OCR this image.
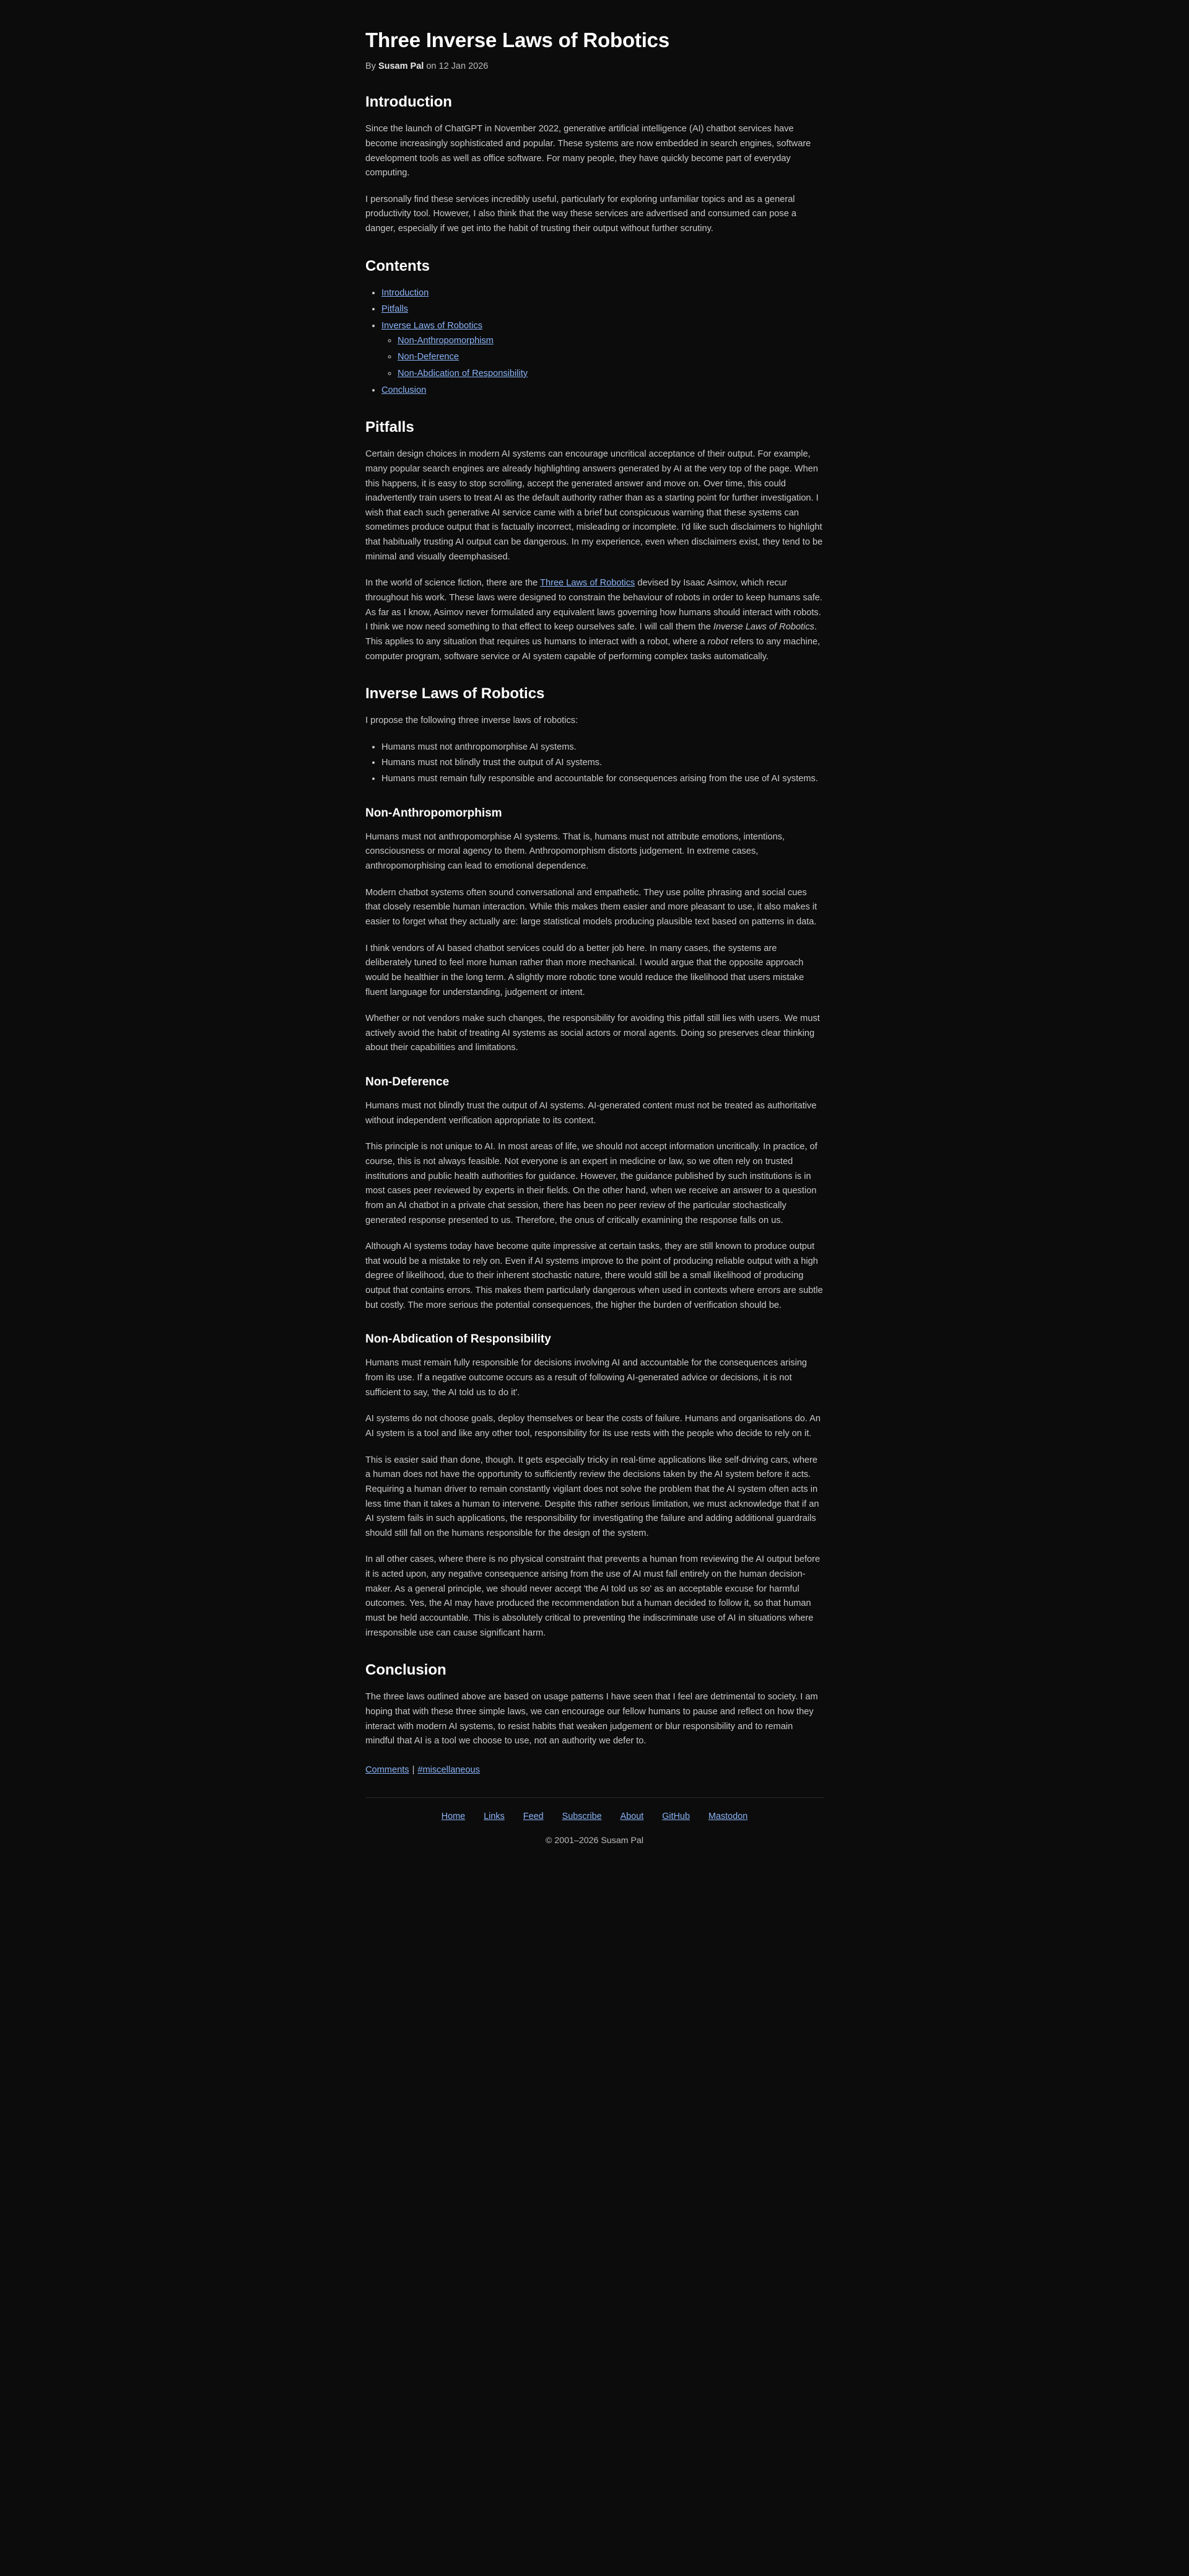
Three Inverse Laws of Robotics
By Susam Pal on 12 Jan 2026
Introduction

Since the launch of ChatGPT in November 2022, generative artificial intelligence (AI) chatbot services have become increasingly sophisticated and popular. These systems are now embedded in search engines, software development tools as well as office software. For many people, they have quickly become part of everyday computing.

I personally find these services incredibly useful, particularly for exploring unfamiliar topics and as a general productivity tool. However, I also think that the way these services are advertised and consumed can pose a danger, especially if we get into the habit of trusting their output without further scrutiny.

Contents
• Introduction
• Pitfalls
• Inverse Laws of Robotics
◦ Non-Anthropomorphism
◦ Non-Deference
◦ Non-Abdication of Responsibility
• Conclusion
Pitfalls

Certain design choices in modern AI systems can encourage uncritical acceptance of their output. For example, many popular search engines are already highlighting answers generated by AI at the very top of the page. When this happens, it is easy to stop scrolling, accept the generated answer and move on. Over time, this could inadvertently train users to treat AI as the default authority rather than as a starting point for further investigation. I wish that each such generative AI service came with a brief but conspicuous warning that these systems can sometimes produce output that is factually incorrect, misleading or incomplete. I'd like such disclaimers to highlight that habitually trusting AI output can be dangerous. In my experience, even when disclaimers exist, they tend to be minimal and visually deemphasised.

In the world of science fiction, there are the Three Laws of Robotics devised by Isaac Asimov, which recur throughout his work. These laws were designed to constrain the behaviour of robots in order to keep humans safe. As far as I know, Asimov never formulated any equivalent laws governing how humans should interact with robots. I think we now need something to that effect to keep ourselves safe. I will call them the Inverse Laws of Robotics. This applies to any situation that requires us humans to interact with a robot, where a robot refers to any machine, computer program, software service or AI system capable of performing complex tasks automatically.

Inverse Laws of Robotics

I propose the following three inverse laws of robotics:

• Humans must not anthropomorphise AI systems.
• Humans must not blindly trust the output of AI systems.
• Humans must remain fully responsible and accountable for consequences arising from the use of AI systems.
Non-Anthropomorphism

Humans must not anthropomorphise AI systems. That is, humans must not attribute emotions, intentions, consciousness or moral agency to them. Anthropomorphism distorts judgement. In extreme cases, anthropomorphising can lead to emotional dependence.

Modern chatbot systems often sound conversational and empathetic. They use polite phrasing and social cues that closely resemble human interaction. While this makes them easier and more pleasant to use, it also makes it easier to forget what they actually are: large statistical models producing plausible text based on patterns in data.

I think vendors of AI based chatbot services could do a better job here. In many cases, the systems are deliberately tuned to feel more human rather than more mechanical. I would argue that the opposite approach would be healthier in the long term. A slightly more robotic tone would reduce the likelihood that users mistake fluent language for understanding, judgement or intent.

Whether or not vendors make such changes, the responsibility for avoiding this pitfall still lies with users. We must actively avoid the habit of treating AI systems as social actors or moral agents. Doing so preserves clear thinking about their capabilities and limitations.

Non-Deference

Humans must not blindly trust the output of AI systems. AI-generated content must not be treated as authoritative without independent verification appropriate to its context.

This principle is not unique to AI. In most areas of life, we should not accept information uncritically. In practice, of course, this is not always feasible. Not everyone is an expert in medicine or law, so we often rely on trusted institutions and public health authorities for guidance. However, the guidance published by such institutions is in most cases peer reviewed by experts in their fields. On the other hand, when we receive an answer to a question from an AI chatbot in a private chat session, there has been no peer review of the particular stochastically generated response presented to us. Therefore, the onus of critically examining the response falls on us.

Although AI systems today have become quite impressive at certain tasks, they are still known to produce output that would be a mistake to rely on. Even if AI systems improve to the point of producing reliable output with a high degree of likelihood, due to their inherent stochastic nature, there would still be a small likelihood of producing output that contains errors. This makes them particularly dangerous when used in contexts where errors are subtle but costly. The more serious the potential consequences, the higher the burden of verification should be.

Non-Abdication of Responsibility

Humans must remain fully responsible for decisions involving AI and accountable for the consequences arising from its use. If a negative outcome occurs as a result of following AI-generated advice or decisions, it is not sufficient to say, 'the AI told us to do it'.

AI systems do not choose goals, deploy themselves or bear the costs of failure. Humans and organisations do. An AI system is a tool and like any other tool, responsibility for its use rests with the people who decide to rely on it.

This is easier said than done, though. It gets especially tricky in real-time applications like self-driving cars, where a human does not have the opportunity to sufficiently review the decisions taken by the AI system before it acts. Requiring a human driver to remain constantly vigilant does not solve the problem that the AI system often acts in less time than it takes a human to intervene. Despite this rather serious limitation, we must acknowledge that if an AI system fails in such applications, the responsibility for investigating the failure and adding additional guardrails should still fall on the humans responsible for the design of the system.

In all other cases, where there is no physical constraint that prevents a human from reviewing the AI output before it is acted upon, any negative consequence arising from the use of AI must fall entirely on the human decision-maker. As a general principle, we should never accept 'the AI told us so' as an acceptable excuse for harmful outcomes. Yes, the AI may have produced the recommendation but a human decided to follow it, so that human must be held accountable. This is absolutely critical to preventing the indiscriminate use of AI in situations where irresponsible use can cause significant harm.

Conclusion

The three laws outlined above are based on usage patterns I have seen that I feel are detrimental to society. I am hoping that with these three simple laws, we can encourage our fellow humans to pause and reflect on how they interact with modern AI systems, to resist habits that weaken judgement or blur responsibility and to remain mindful that AI is a tool we choose to use, not an authority we defer to.

Comments | #miscellaneous
Home Links Feed Subscribe About GitHub Mastodon

© 2001–2026 Susam Pal
